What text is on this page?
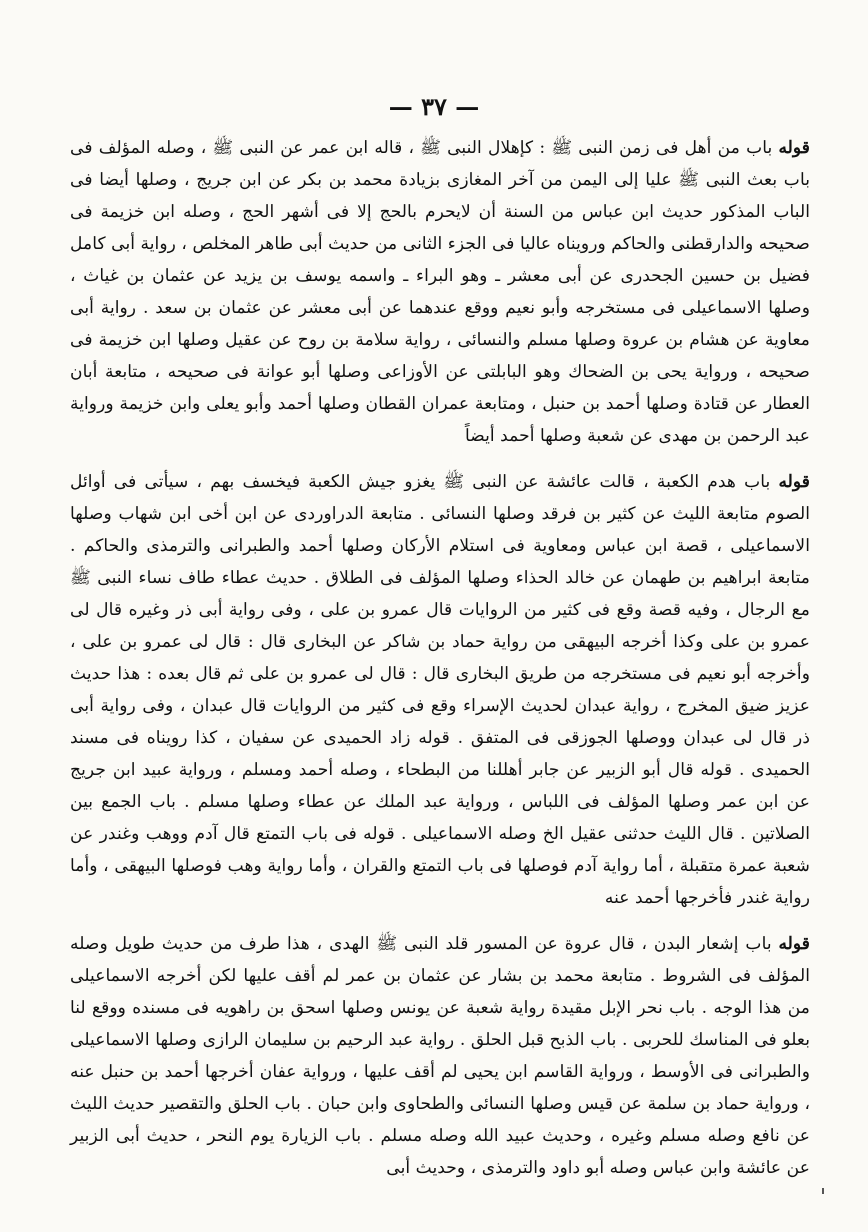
— ٣٧ —

قوله باب من أهل فى زمن النبى ﷺ : كإهلال النبى ﷺ ، قاله ابن عمر عن النبى ﷺ ، وصله المؤلف فى باب بعث النبى ﷺ عليا إلى اليمن من آخر المغازى بزيادة محمد بن بكر عن ابن جريج ، وصلها أيضا فى الباب المذكور حديث ابن عباس من السنة أن لايحرم بالحج إلا فى أشهر الحج ، وصله ابن خزيمة فى صحيحه والدارقطنى والحاكم ورويناه عاليا فى الجزء الثانى من حديث أبى طاهر المخلص ، رواية أبى كامل فضيل بن حسين الجحدرى عن أبى معشر ـ وهو البراء ـ واسمه يوسف بن يزيد عن عثمان بن غياث ، وصلها الاسماعيلى فى مستخرجه وأبو نعيم ووقع عندهما عن أبى معشر عن عثمان بن سعد . رواية أبى معاوية عن هشام بن عروة وصلها مسلم والنسائى ، رواية سلامة بن روح عن عقيل وصلها ابن خزيمة فى صحيحه ، ورواية يحى بن الضحاك وهو البابلتى عن الأوزاعى وصلها أبو عوانة فى صحيحه ، متابعة أبان العطار عن قتادة وصلها أحمد بن حنبل ، ومتابعة عمران القطان وصلها أحمد وأبو يعلى وابن خزيمة ورواية عبد الرحمن بن مهدى عن شعبة وصلها أحمد أيضاً

قوله باب هدم الكعبة ، قالت عائشة عن النبى ﷺ يغزو جيش الكعبة فيخسف بهم ، سيأتى فى أوائل الصوم متابعة الليث عن كثير بن فرقد وصلها النسائى . متابعة الدراوردى عن ابن أخى ابن شهاب وصلها الاسماعيلى ، قصة ابن عباس ومعاوية فى استلام الأركان وصلها أحمد والطبرانى والترمذى والحاكم . متابعة ابراهيم بن طهمان عن خالد الحذاء وصلها المؤلف فى الطلاق . حديث عطاء طاف نساء النبى ﷺ مع الرجال ، وفيه قصة وقع فى كثير من الروايات قال عمرو بن على ، وفى رواية أبى ذر وغيره قال لى عمرو بن على وكذا أخرجه البيهقى من رواية حماد بن شاكر عن البخارى قال : قال لى عمرو بن على ، وأخرجه أبو نعيم فى مستخرجه من طريق البخارى قال : قال لى عمرو بن على ثم قال بعده : هذا حديث عزيز ضيق المخرج ، رواية عبدان لحديث الإسراء وقع فى كثير من الروايات قال عبدان ، وفى رواية أبى ذر قال لى عبدان ووصلها الجوزقى فى المتفق . قوله زاد الحميدى عن سفيان ، كذا رويناه فى مسند الحميدى . قوله قال أبو الزبير عن جابر أهللنا من البطحاء ، وصله أحمد ومسلم ، ورواية عبيد ابن جريج عن ابن عمر وصلها المؤلف فى اللباس ، ورواية عبد الملك عن عطاء وصلها مسلم . باب الجمع بين الصلاتين . قال الليث حدثنى عقيل الخ وصله الاسماعيلى . قوله فى باب التمتع قال آدم ووهب وغندر عن شعبة عمرة متقبلة ، أما رواية آدم فوصلها فى باب التمتع والقران ، وأما رواية وهب فوصلها البيهقى ، وأما رواية غندر فأخرجها أحمد عنه

قوله باب إشعار البدن ، قال عروة عن المسور قلد النبى ﷺ الهدى ، هذا طرف من حديث طويل وصله المؤلف فى الشروط . متابعة محمد بن بشار عن عثمان بن عمر لم أقف عليها لكن أخرجه الاسماعيلى من هذا الوجه . باب نحر الإبل مقيدة رواية شعبة عن يونس وصلها اسحق بن راهويه فى مسنده ووقع لنا بعلو فى المناسك للحربى . باب الذبح قبل الحلق . رواية عبد الرحيم بن سليمان الرازى وصلها الاسماعيلى والطبرانى فى الأوسط ، ورواية القاسم ابن يحيى لم أقف عليها ، ورواية عفان أخرجها أحمد بن حنبل عنه ، ورواية حماد بن سلمة عن قيس وصلها النسائى والطحاوى وابن حبان . باب الحلق والتقصير حديث الليث عن نافع وصله مسلم وغيره ، وحديث عبيد الله وصله مسلم . باب الزيارة يوم النحر ، حديث أبى الزبير عن عائشة وابن عباس وصله أبو داود والترمذى ، وحديث أبى
